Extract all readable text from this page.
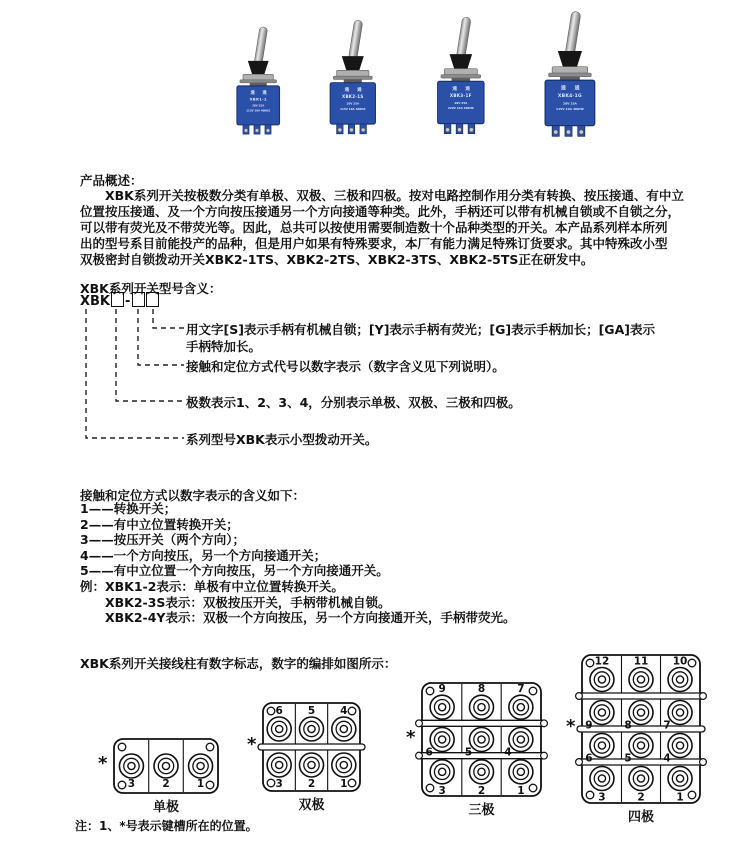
通 通
XBK1-1
28V 25A
115V 10A 400HZ
通 通
XBK2-1S
28V 25A
115V 10A 400HZ
通 通
XBK3-1F
28V 25A
220V 10A 400HZ
通 通
XBK4-1G
28V 25A
115V 10A 400HZ
产品概述：
XBK系列开关按极数分类有单极、双极、三极和四极。按对电路控制作用分类有转换、按压接通、有中立
位置按压接通、及一个方向按压接通另一个方向接通等种类。此外，手柄还可以带有机械自锁或不自锁之分，
可以带有荧光及不带荧光等。因此，总共可以按使用需要制造数十个品种类型的开关。本产品系列样本所列
出的型号系目前能投产的品种，但是用户如果有特殊要求，本厂有能力满足特殊订货要求。其中特殊改小型
双极密封自锁拨动开关XBK2-1TS、XBK2-2TS、XBK2-3TS、XBK2-5TS正在研发中。
XBK系列开关型号含义：
XBK -
接触和定位方式以数字表示的含义如下：
1——转换开关；
2——有中立位置转换开关；
3——按压开关（两个方向）；
4——一个方向按压，另一个方向接通开关；
5——有中立位置一个方向按压，另一个方向接通开关。
例：XBK1-2表示：单极有中立位置转换开关。
XBK2-3S表示：双极按压开关，手柄带机械自锁。
XBK2-4Y表示：双极一个方向按压，另一个方向接通开关，手柄带荧光。
XBK系列开关接线柱有数字标志，数字的编排如图所示：
*
3	2	1
单极
*
6 5 4
3 2 1
双极
*
9	8	7
6	5	4
3	2	1
三极
*
12 11 10
9	8	7
6	5	4
3	2	1
四极
注：1、*号表示键槽所在的位置。
用文字[S]表示手柄有机械自锁；[Y]表示手柄有荧光；[G]表示手柄加长；[GA]表示
手柄特加长。
接触和定位方式代号以数字表示（数字含义见下列说明）。
极数表示1、2、3、4，分别表示单极、双极、三极和四极。
系列型号XBK表示小型拨动开关。
